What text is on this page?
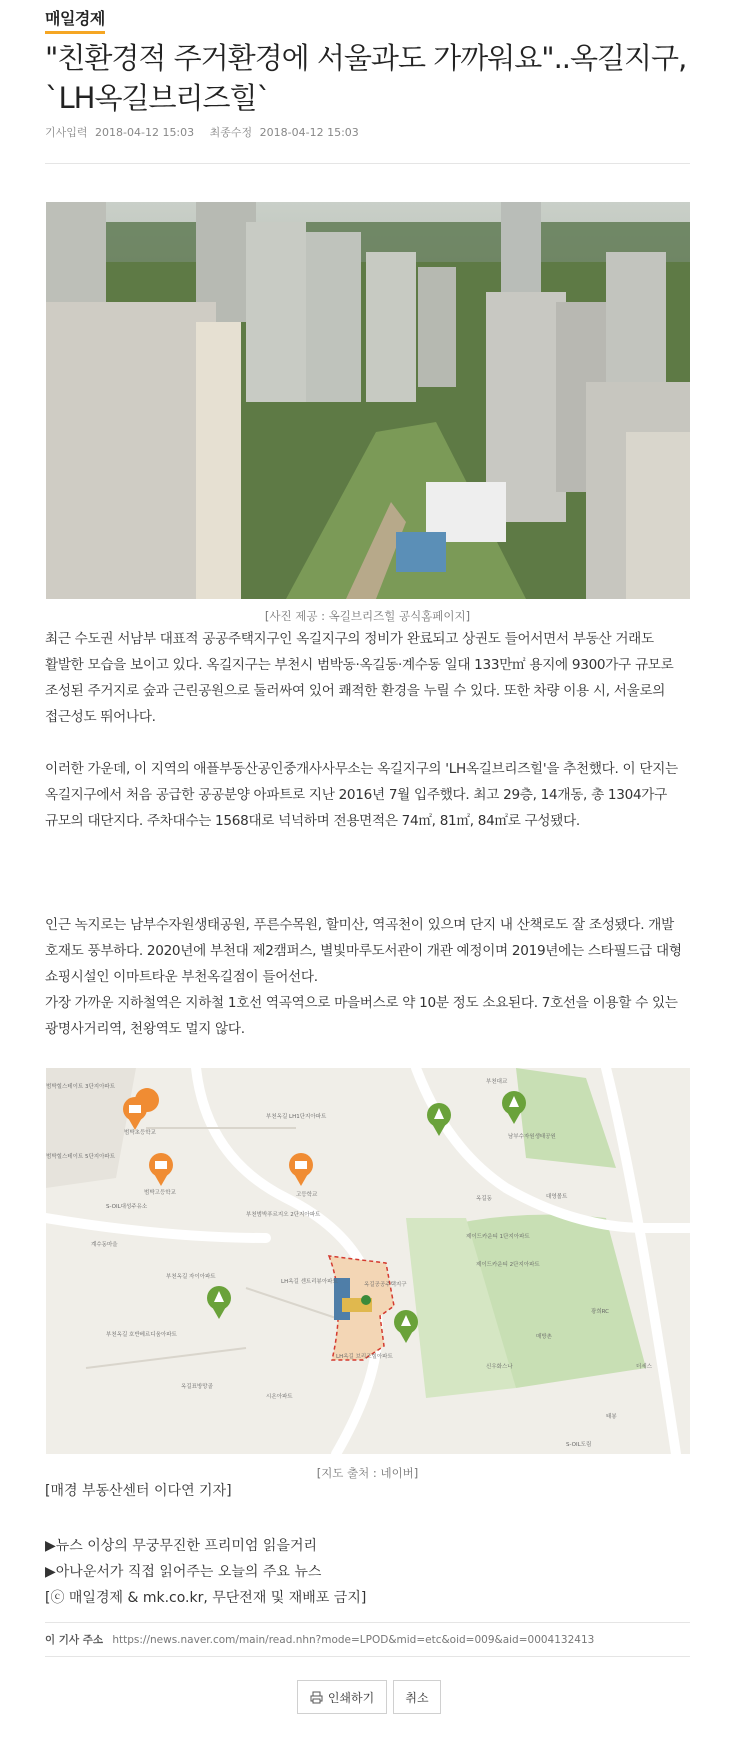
매일경제
"친환경적 주거환경에 서울과도 가까워요"..옥길지구, `LH옥길브리즈힐`
기사입력 2018-04-12 15:03 최종수정 2018-04-12 15:03
[사진 제공 : 옥길브리즈힐 공식홈페이지]

최근 수도권 서남부 대표적 공공주택지구인 옥길지구의 정비가 완료되고 상권도 들어서면서 부동산 거래도 활발한 모습을 보이고 있다. 옥길지구는 부천시 범박동·옥길동·계수동 일대 133만㎡ 용지에 9300가구 규모로 조성된 주거지로 숲과 근린공원으로 둘러싸여 있어 쾌적한 환경을 누릴 수 있다. 또한 차량 이용 시, 서울로의 접근성도 뛰어나다.

이러한 가운데, 이 지역의 애플부동산공인중개사사무소는 옥길지구의 'LH옥길브리즈힐'을 추천했다. 이 단지는 옥길지구에서 처음 공급한 공공분양 아파트로 지난 2016년 7월 입주했다. 최고 29층, 14개동, 총 1304가구 규모의 대단지다. 주차대수는 1568대로 넉넉하며 전용면적은 74㎡, 81㎡, 84㎡로 구성됐다.

인근 녹지로는 남부수자원생태공원, 푸른수목원, 할미산, 역곡천이 있으며 단지 내 산책로도 잘 조성됐다. 개발 호재도 풍부하다. 2020년에 부천대 제2캠퍼스, 별빛마루도서관이 개관 예정이며 2019년에는 스타필드급 대형 쇼핑시설인 이마트타운 부천옥길점이 들어선다.

가장 가까운 지하철역은 지하철 1호선 역곡역으로 마을버스로 약 10분 정도 소요된다. 7호선을 이용할 수 있는 광명사거리역, 천왕역도 멀지 않다.

범박초등학교
범박고등학교	고등학교
남부수자원생태공원
부천옥길 LH1단지아파트
부천범박푸르지오 2단지아파트
제이드카운티 1단지아파트
제이드카운티 2단지아파트
LH옥길 센트리뷰아파트
LH옥길 브리즈힐아파트
옥길공공주택지구
부천옥길 자이아파트
부천옥길 호반베르디움아파트
범박힐스테이트 5단지아파트
범박힐스테이트 3단지아파트
시온아파트
계수동마을
S-OIL대성주유소
S-OIL도림
부천대교
광희RC
대영볼트
신우화스나
옥길동
매방촌
태봉
더세스
옥길표방망골
[지도 출처 : 네이버]
[매경 부동산센터 이다연 기자]
▶뉴스 이상의 무궁무진한 프리미엄 읽을거리
▶아나운서가 직접 읽어주는 오늘의 주요 뉴스
[ⓒ 매일경제 & mk.co.kr, 무단전재 및 재배포 금지]
이 기사 주소 https://news.naver.com/main/read.nhn?mode=LPOD&mid=etc&oid=009&aid=0004132413
인쇄하기	취소
